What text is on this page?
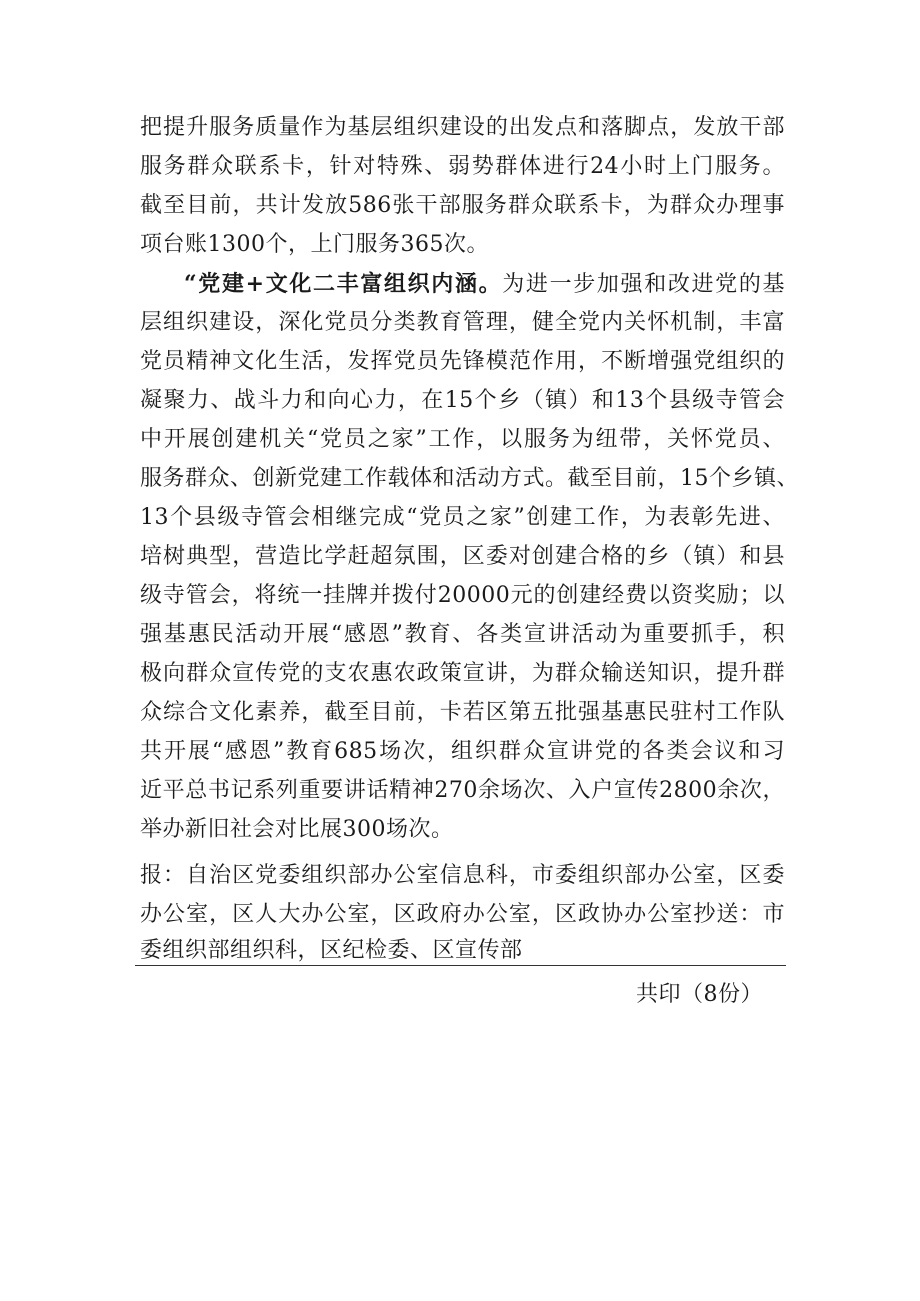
把提升服务质量作为基层组织建设的出发点和落脚点，发放干部
服务群众联系卡，针对特殊、弱势群体进行24小时上门服务。
截至目前，共计发放586张干部服务群众联系卡，为群众办理事
项台账1300个，上门服务365次。
“党建+文化二丰富组织内涵。为进一步加强和改进党的基
层组织建设，深化党员分类教育管理，健全党内关怀机制，丰富
党员精神文化生活，发挥党员先锋模范作用，不断增强党组织的
凝聚力、战斗力和向心力，在15个乡（镇）和13个县级寺管会
中开展创建机关“党员之家”工作，以服务为纽带，关怀党员、
服务群众、创新党建工作载体和活动方式。截至目前，15个乡镇、
13个县级寺管会相继完成“党员之家”创建工作，为表彰先进、
培树典型，营造比学赶超氛围，区委对创建合格的乡（镇）和县
级寺管会，将统一挂牌并拨付20000元的创建经费以资奖励；以
强基惠民活动开展“感恩”教育、各类宣讲活动为重要抓手，积
极向群众宣传党的支农惠农政策宣讲，为群众输送知识，提升群
众综合文化素养，截至目前，卡若区第五批强基惠民驻村工作队
共开展“感恩”教育685场次，组织群众宣讲党的各类会议和习
近平总书记系列重要讲话精神270余场次、入户宣传2800余次，
举办新旧社会对比展300场次。
报：自治区党委组织部办公室信息科，市委组织部办公室，区委
办公室，区人大办公室，区政府办公室，区政协办公室抄送：市
委组织部组织科，区纪检委、区宣传部
共印（8份）
